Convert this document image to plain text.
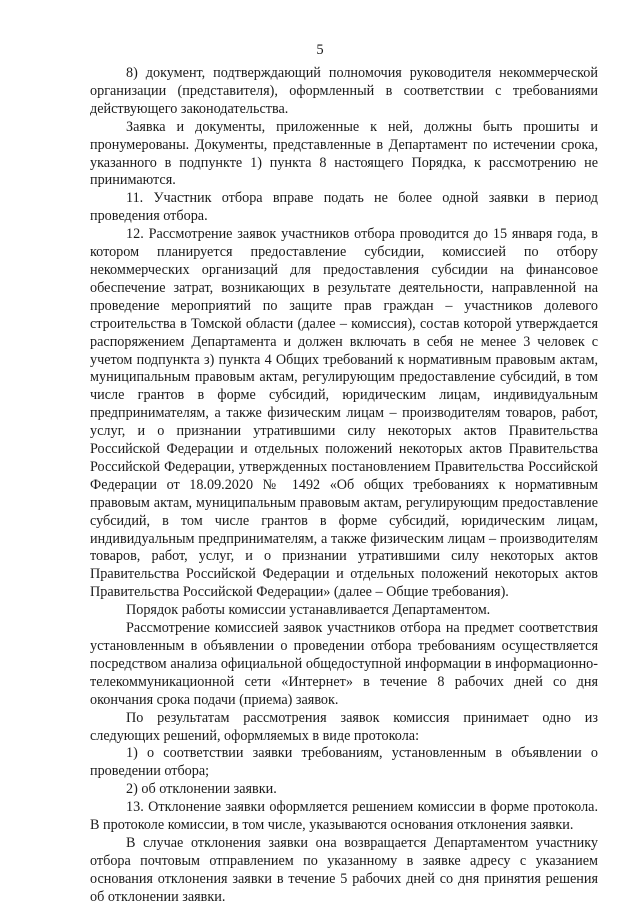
5

8) документ, подтверждающий полномочия руководителя некоммерческой организации (представителя), оформленный в соответствии с требованиями действующего законодательства.

Заявка и документы, приложенные к ней, должны быть прошиты и пронумерованы. Документы, представленные в Департамент по истечении срока, указанного в подпункте 1) пункта 8 настоящего Порядка, к рассмотрению не принимаются.

11. Участник отбора вправе подать не более одной заявки в период проведения отбора.

12. Рассмотрение заявок участников отбора проводится до 15 января года, в котором планируется предоставление субсидии, комиссией по отбору некоммерческих организаций для предоставления субсидии на финансовое обеспечение затрат, возникающих в результате деятельности, направленной на проведение мероприятий по защите прав граждан – участников долевого строительства в Томской области (далее – комиссия), состав которой утверждается распоряжением Департамента и должен включать в себя не менее 3 человек с учетом подпункта з) пункта 4 Общих требований к нормативным правовым актам, муниципальным правовым актам, регулирующим предоставление субсидий, в том числе грантов в форме субсидий, юридическим лицам, индивидуальным предпринимателям, а также физическим лицам – производителям товаров, работ, услуг, и о признании утратившими силу некоторых актов Правительства Российской Федерации и отдельных положений некоторых актов Правительства Российской Федерации, утвержденных постановлением Правительства Российской Федерации от 18.09.2020 № 1492 «Об общих требованиях к нормативным правовым актам, муниципальным правовым актам, регулирующим предоставление субсидий, в том числе грантов в форме субсидий, юридическим лицам, индивидуальным предпринимателям, а также физическим лицам – производителям товаров, работ, услуг, и о признании утратившими силу некоторых актов Правительства Российской Федерации и отдельных положений некоторых актов Правительства Российской Федерации» (далее – Общие требования).

Порядок работы комиссии устанавливается Департаментом.

Рассмотрение комиссией заявок участников отбора на предмет соответствия установленным в объявлении о проведении отбора требованиям осуществляется посредством анализа официальной общедоступной информации в информационно-телекоммуникационной сети «Интернет» в течение 8 рабочих дней со дня окончания срока подачи (приема) заявок.

По результатам рассмотрения заявок комиссия принимает одно из следующих решений, оформляемых в виде протокола:

1) о соответствии заявки требованиям, установленным в объявлении о проведении отбора;

2) об отклонении заявки.

13. Отклонение заявки оформляется решением комиссии в форме протокола. В протоколе комиссии, в том числе, указываются основания отклонения заявки.

В случае отклонения заявки она возвращается Департаментом участнику отбора почтовым отправлением по указанному в заявке адресу с указанием основания отклонения заявки в течение 5 рабочих дней со дня принятия решения об отклонении заявки.
